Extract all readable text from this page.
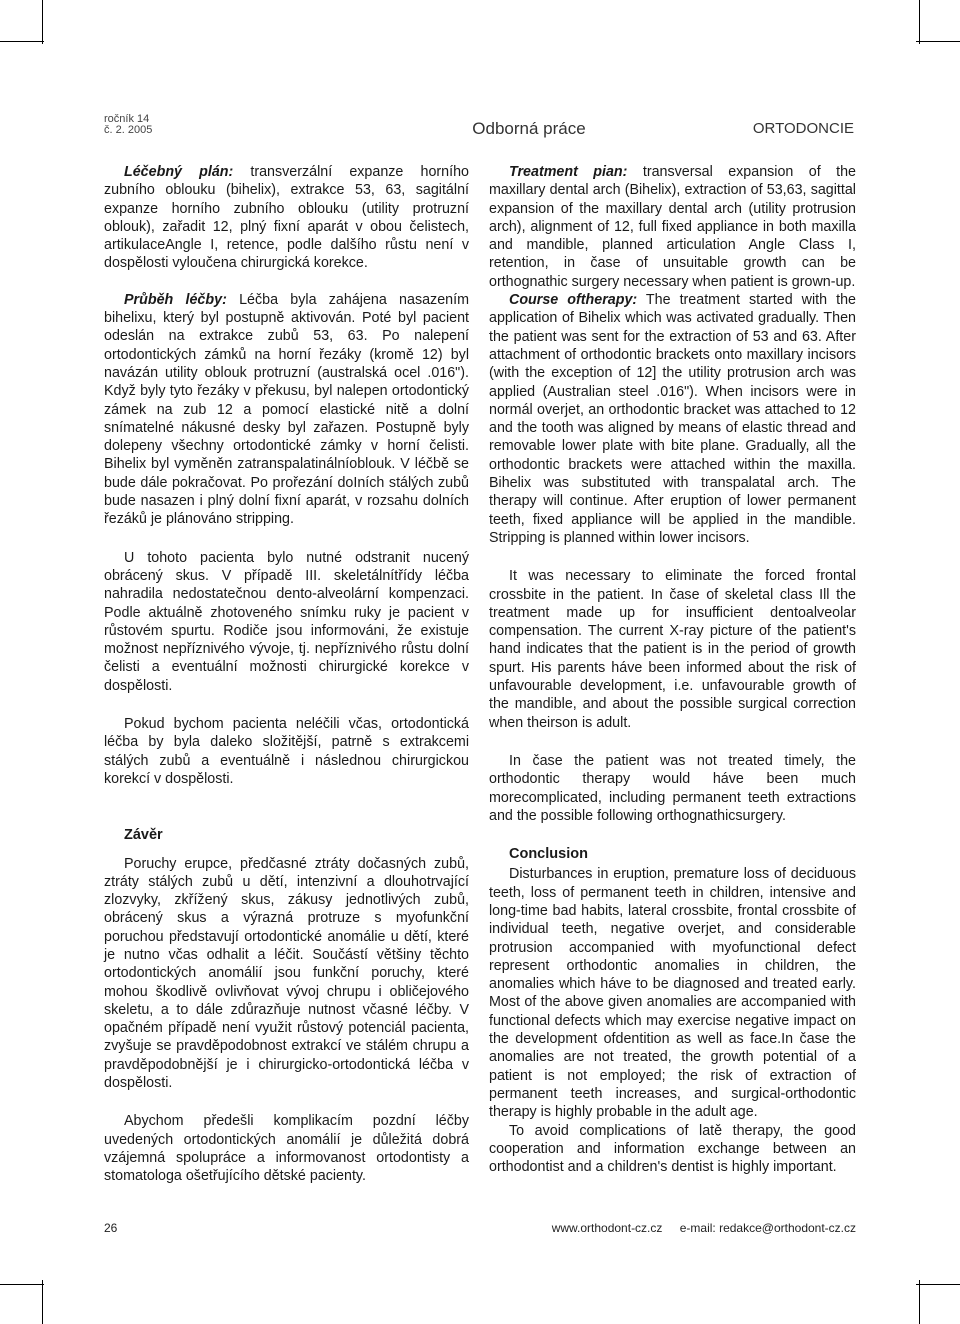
ročník 14
č. 2. 2005	Odborná práce	ORTODONCIE

Léčebný plán: transverzální expanze horního zubního oblouku (bihelix), extrakce 53, 63, sagitální expanze horního zubního oblouku (utility protruzní oblouk), zařadit 12, plný fixní aparát v obou čelistech, artikulaceAngle I, retence, podle dalšího růstu není v dospělosti vyloučena chirurgická korekce.

Průběh léčby: Léčba byla zahájena nasazením bihelixu, který byl postupně aktivován. Poté byl pacient odeslán na extrakce zubů 53, 63. Po nalepení ortodontických zámků na horní řezáky (kromě 12) byl navázán utility oblouk protruzní (australská ocel .016"). Když byly tyto řezáky v překusu, byl nalepen ortodontický zámek na zub 12 a pomocí elastické nitě a dolní snímatelné nákusné desky byl zařazen. Postupně byly dolepeny všechny ortodontické zámky v horní čelisti. Bihelix byl vyměněn zatranspalatinálníoblouk. V léčbě se bude dále pokračovat. Po prořezání doIních stálých zubů bude nasazen i plný dolní fixní aparát, v rozsahu dolních řezáků je plánováno stripping.

U tohoto pacienta bylo nutné odstranit nucený obrácený skus. V případě III. skeletálnítřídy léčba nahradila nedostatečnou dento-alveolární kompenzaci. Podle aktuálně zhotoveného snímku ruky je pacient v růstovém spurtu. Rodiče jsou informováni, že existuje možnost nepříznivého vývoje, tj. nepříznivého růstu dolní čelisti a eventuální možnosti chirurgické korekce v dospělosti.

Pokud bychom pacienta neléčili včas, ortodontická léčba by byla daleko složitější, patrně s extrakcemi stálých zubů a eventuálně i následnou chirurgickou korekcí v dospělosti.

Závěr

Poruchy erupce, předčasné ztráty dočasných zubů, ztráty stálých zubů u dětí, intenzivní a dlouhotrvající zlozvyky, zkřížený skus, zákusy jednotlivých zubů, obrácený skus a výrazná protruze s myofunkční poruchou představují ortodontické anomálie u dětí, které je nutno včas odhalit a léčit. Součástí většiny těchto ortodontických anomálií jsou funkční poruchy, které mohou škodlivě ovlivňovat vývoj chrupu i obličejového skeletu, a to dále zdůrazňuje nutnost včasné léčby. V opačném případě není využit růstový potenciál pacienta, zvyšuje se pravděpodobnost extrakcí ve stálém chrupu a pravděpodobnější je i chirurgicko-ortodontická léčba v dospělosti.

Abychom předešli komplikacím pozdní léčby uvedených ortodontických anomálií je důležitá dobrá vzájemná spolupráce a informovanost ortodontisty a stomatologa ošetřujícího dětské pacienty.

Treatment pian: transversal expansion of the maxillary dental arch (Bihelix), extraction of 53,63, sagittal expansion of the maxillary dental arch (utility protrusion arch), alignment of 12, full fixed appliance in both maxilla and mandible, planned articulation Angle Class I, retention, in čase of unsuitable growth can be orthognathic surgery necessary when patient is grown-up.

Course oftherapy: The treatment started with the application of Bihelix which was activated gradually. Then the patient was sent for the extraction of 53 and 63. After attachment of orthodontic brackets onto maxillary incisors (with the exception of 12] the utility protrusion arch was applied (Australian steel .016"). When incisors were in normál overjet, an orthodontic bracket was attached to 12 and the tooth was aligned by means of elastic thread and removable lower plate with bite plane. Gradually, all the orthodontic brackets were attached within the maxilla. Bihelix was substituted with transpalatal arch. The therapy will continue. After eruption of lower permanent teeth, fixed appliance will be applied in the mandible. Stripping is planned within lower incisors.

It was necessary to eliminate the forced frontal crossbite in the patient. In čase of skeletal class Ill the treatment made up for insufficient dentoalveolar compensation. The current X-ray picture of the patient's hand indicates that the patient is in the period of growth spurt. His parents háve been informed about the risk of unfavourable development, i.e. unfavourable growth of the mandible, and about the possible surgical correction when theirson is adult.

In čase the patient was not treated timely, the orthodontic therapy would háve been much morecomplicated, including permanent teeth extractions and the possible following orthognathicsurgery.

Conclusion

Disturbances in eruption, premature loss of deciduous teeth, loss of permanent teeth in children, intensive and long-time bad habits, lateral crossbite, frontal crossbite of individual teeth, negative overjet, and considerable protrusion accompanied with myofunctional defect represent orthodontic anomalies in children, the anomalies which háve to be diagnosed and treated early. Most of the above given anomalies are accompanied with functional defects which may exercise negative impact on the development ofdentition as well as face.In čase the anomalies are not treated, the growth potential of a patient is not employed; the risk of extraction of permanent teeth increases, and surgical-orthodontic therapy is highly probable in the adult age.

To avoid complications of latě therapy, the good cooperation and information exchange between an orthodontist and a children's dentist is highly important.

26	www.orthodont-cz.cz e-mail: redakce@orthodont-cz.cz
